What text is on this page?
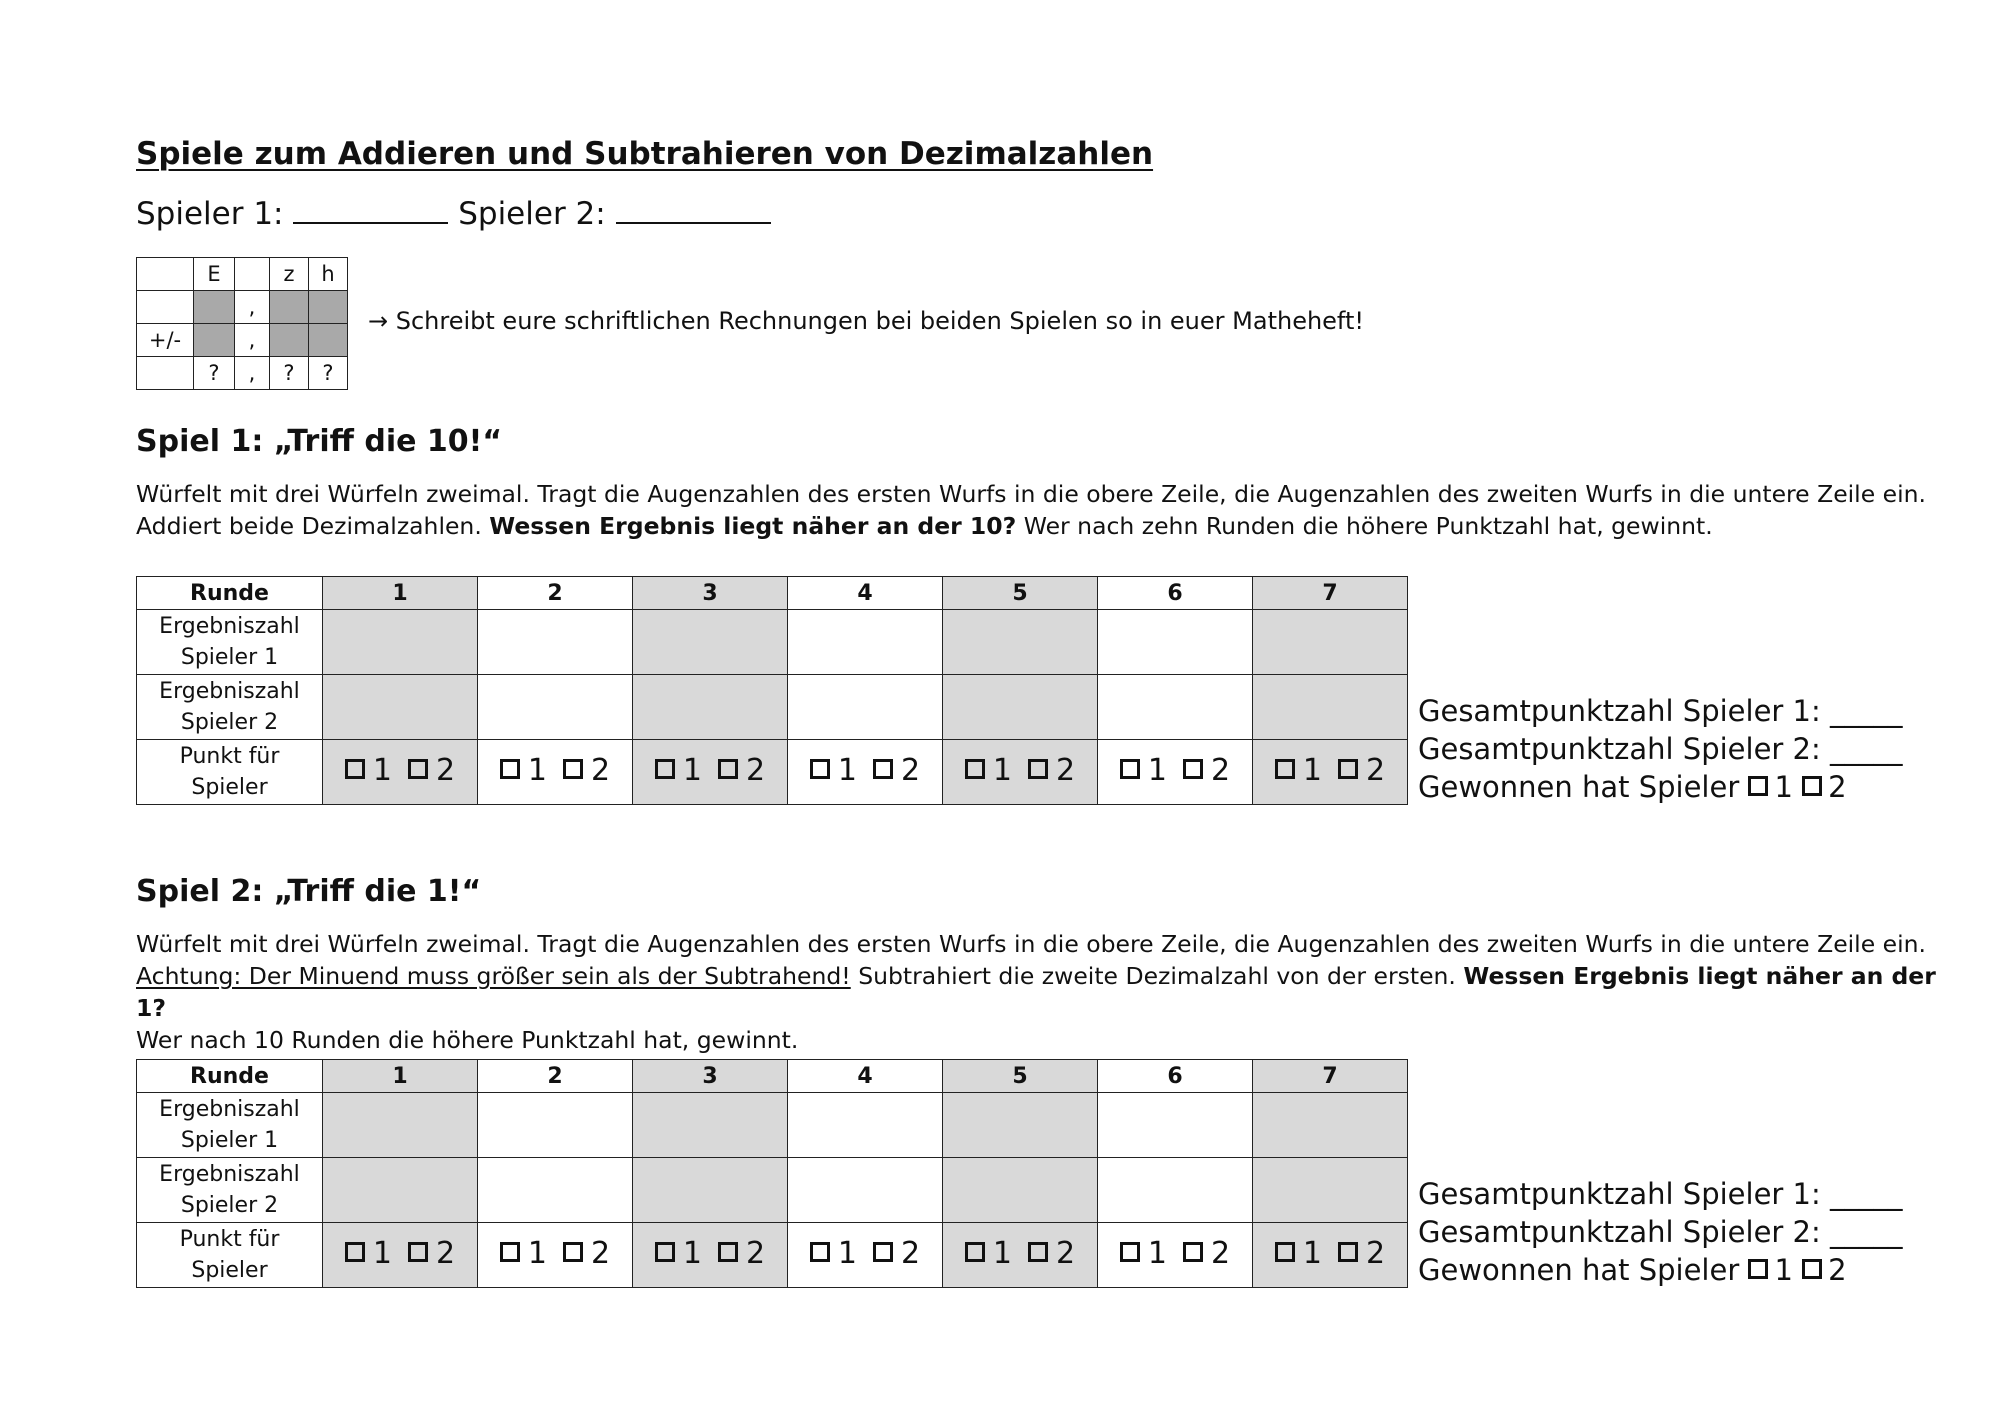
Spiele zum Addieren und Subtrahieren von Dezimalzahlen
Spieler 1:	Spieler 2:
	E		z	h
		,		
+/-		,		
	?	,	?	?
→ Schreibt eure schriftlichen Rechnungen bei beiden Spielen so in euer Matheheft!
Spiel 1: „Triff die 10!“
Würfelt mit drei Würfeln zweimal. Tragt die Augenzahlen des ersten Wurfs in die obere Zeile, die Augenzahlen des zweiten Wurfs in die untere Zeile ein.
Addiert beide Dezimalzahlen. Wessen Ergebnis liegt näher an der 10? Wer nach zehn Runden die höhere Punktzahl hat, gewinnt.
Runde	1	2	3	4	5	6	7

Ergebniszahl
Spieler 1							

Ergebniszahl
Spieler 2							

Punkt für
Spieler	1 2	1 2	1 2	1 2	1 2	1 2	1 2
Gesamtpunktzahl Spieler 1: _____
Gesamtpunktzahl Spieler 2: _____
Gewonnen hat Spieler 1 2
Spiel 2: „Triff die 1!“
Würfelt mit drei Würfeln zweimal. Tragt die Augenzahlen des ersten Wurfs in die obere Zeile, die Augenzahlen des zweiten Wurfs in die untere Zeile ein.
Achtung: Der Minuend muss größer sein als der Subtrahend! Subtrahiert die zweite Dezimalzahl von der ersten. Wessen Ergebnis liegt näher an der 1?
Wer nach 10 Runden die höhere Punktzahl hat, gewinnt.
Runde	1	2	3	4	5	6	7

Ergebniszahl
Spieler 1							

Ergebniszahl
Spieler 2							

Punkt für
Spieler	1 2	1 2	1 2	1 2	1 2	1 2	1 2
Gesamtpunktzahl Spieler 1: _____
Gesamtpunktzahl Spieler 2: _____
Gewonnen hat Spieler 1 2
